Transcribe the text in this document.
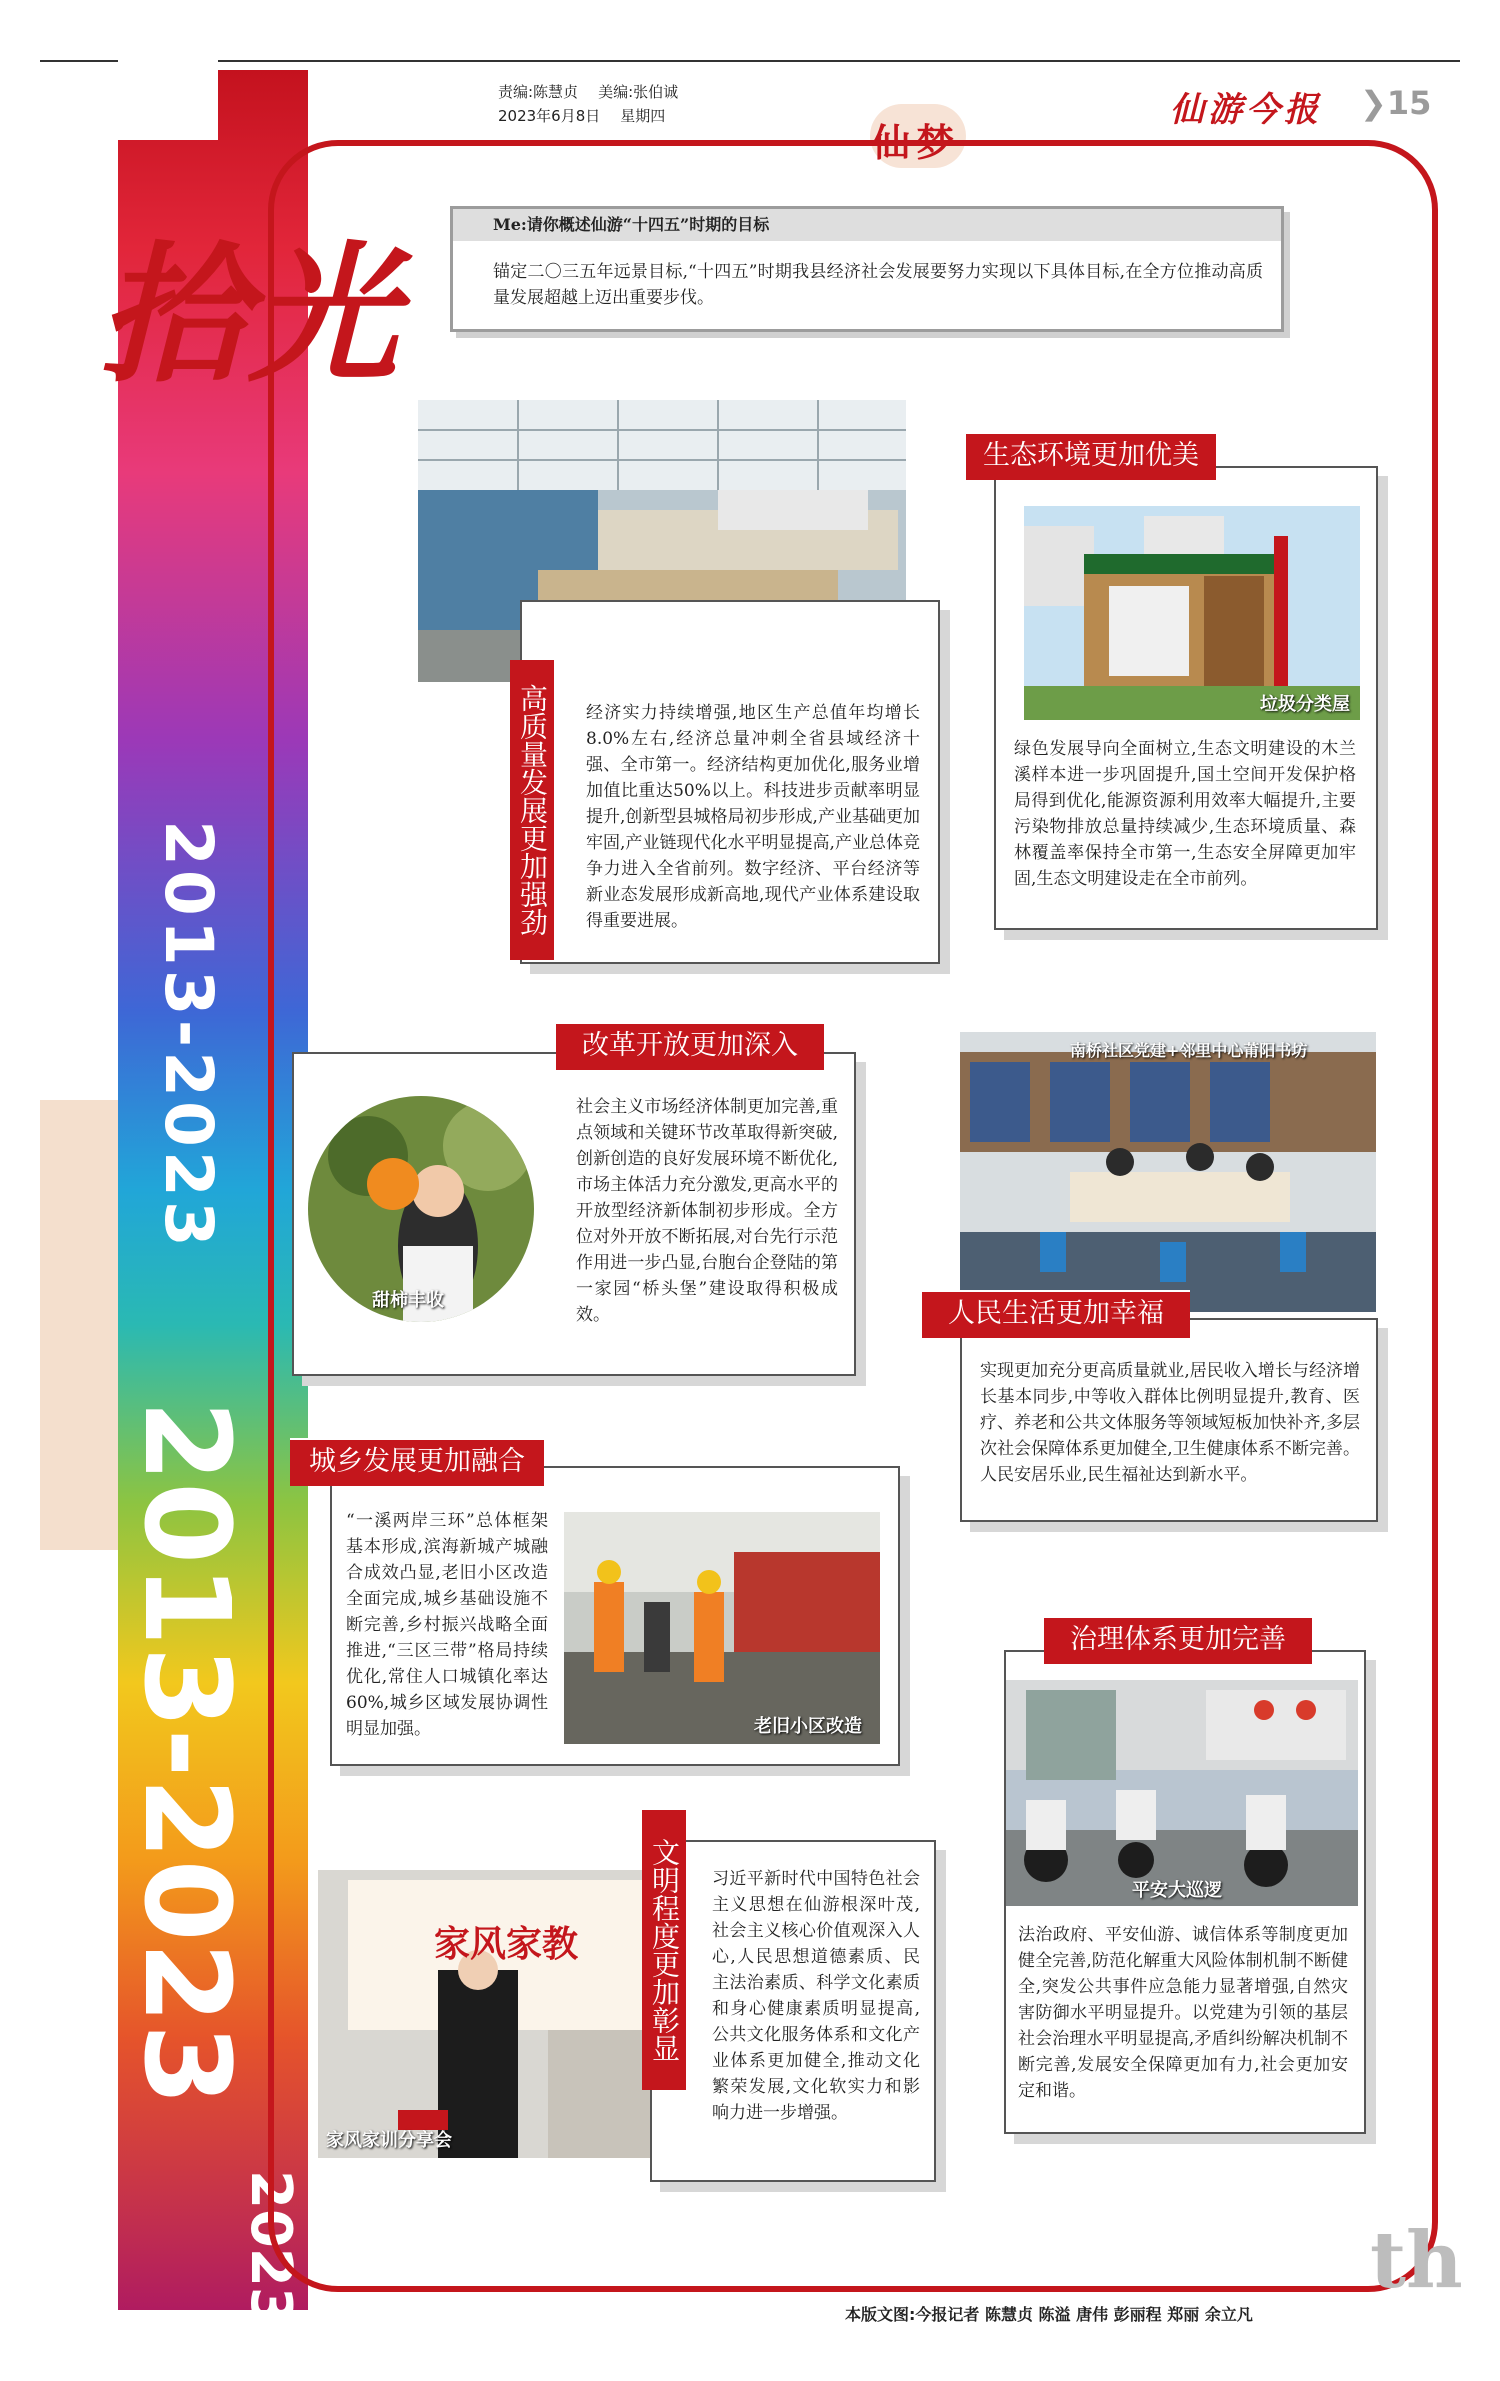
责编:陈慧贞 美编:张伯诚
2023年6月8日 星期四
仙梦
仙游今报 ❯15
拾光
2013-2023
2013-2023
2023
Me:请你概述仙游“十四五”时期的目标
锚定二〇三五年远景目标,“十四五”时期我县经济社会发展要努力实现以下具体目标,在全方位推动高质量发展超越上迈出重要步伐。
经济实力持续增强,地区生产总值年均增长8.0%左右,经济总量冲刺全省县域经济十强、全市第一。经济结构更加优化,服务业增加值比重达50%以上。科技进步贡献率明显提升,创新型县城格局初步形成,产业基础更加牢固,产业链现代化水平明显提高,产业总体竞争力进入全省前列。数字经济、平台经济等新业态发展形成新高地,现代产业体系建设取得重要进展。
高质量发展更加强劲	垃圾分类屋
绿色发展导向全面树立,生态文明建设的木兰溪样本进一步巩固提升,国土空间开发保护格局得到优化,能源资源利用效率大幅提升,主要污染物排放总量持续减少,生态环境质量、森林覆盖率保持全市第一,生态安全屏障更加牢固,生态文明建设走在全市前列。
生态环境更加优美
甜柿丰收
社会主义市场经济体制更加完善,重点领域和关键环节改革取得新突破,创新创造的良好发展环境不断优化,市场主体活力充分激发,更高水平的开放型经济新体制初步形成。全方位对外开放不断拓展,对台先行示范作用进一步凸显,台胞台企登陆的第一家园“桥头堡”建设取得积极成效。
改革开放更加深入	南桥社区党建+邻里中心莆阳书坊
实现更加充分更高质量就业,居民收入增长与经济增长基本同步,中等收入群体比例明显提升,教育、医疗、养老和公共文体服务等领域短板加快补齐,多层次社会保障体系更加健全,卫生健康体系不断完善。人民安居乐业,民生福祉达到新水平。
人民生活更加幸福
“一溪两岸三环”总体框架基本形成,滨海新城产城融合成效凸显,老旧小区改造全面完成,城乡基础设施不断完善,乡村振兴战略全面推进,“三区三带”格局持续优化,常住人口城镇化率达60%,城乡区域发展协调性明显加强。	老旧小区改造
城乡发展更加融合
平安大巡逻
法治政府、平安仙游、诚信体系等制度更加健全完善,防范化解重大风险体制机制不断健全,突发公共事件应急能力显著增强,自然灾害防御水平明显提升。以党建为引领的基层社会治理水平明显提高,矛盾纠纷解决机制不断完善,发展安全保障更加有力,社会更加安定和谐。
治理体系更加完善
家风家教
家风家训分享会
习近平新时代中国特色社会主义思想在仙游根深叶茂,社会主义核心价值观深入人心,人民思想道德素质、民主法治素质、科学文化素质和身心健康素质明显提高,公共文化服务体系和文化产业体系更加健全,推动文化繁荣发展,文化软实力和影响力进一步增强。
文明程度更加彰显
本版文图:今报记者 陈慧贞 陈溢 唐伟 彭丽程 郑丽 余立凡
th
